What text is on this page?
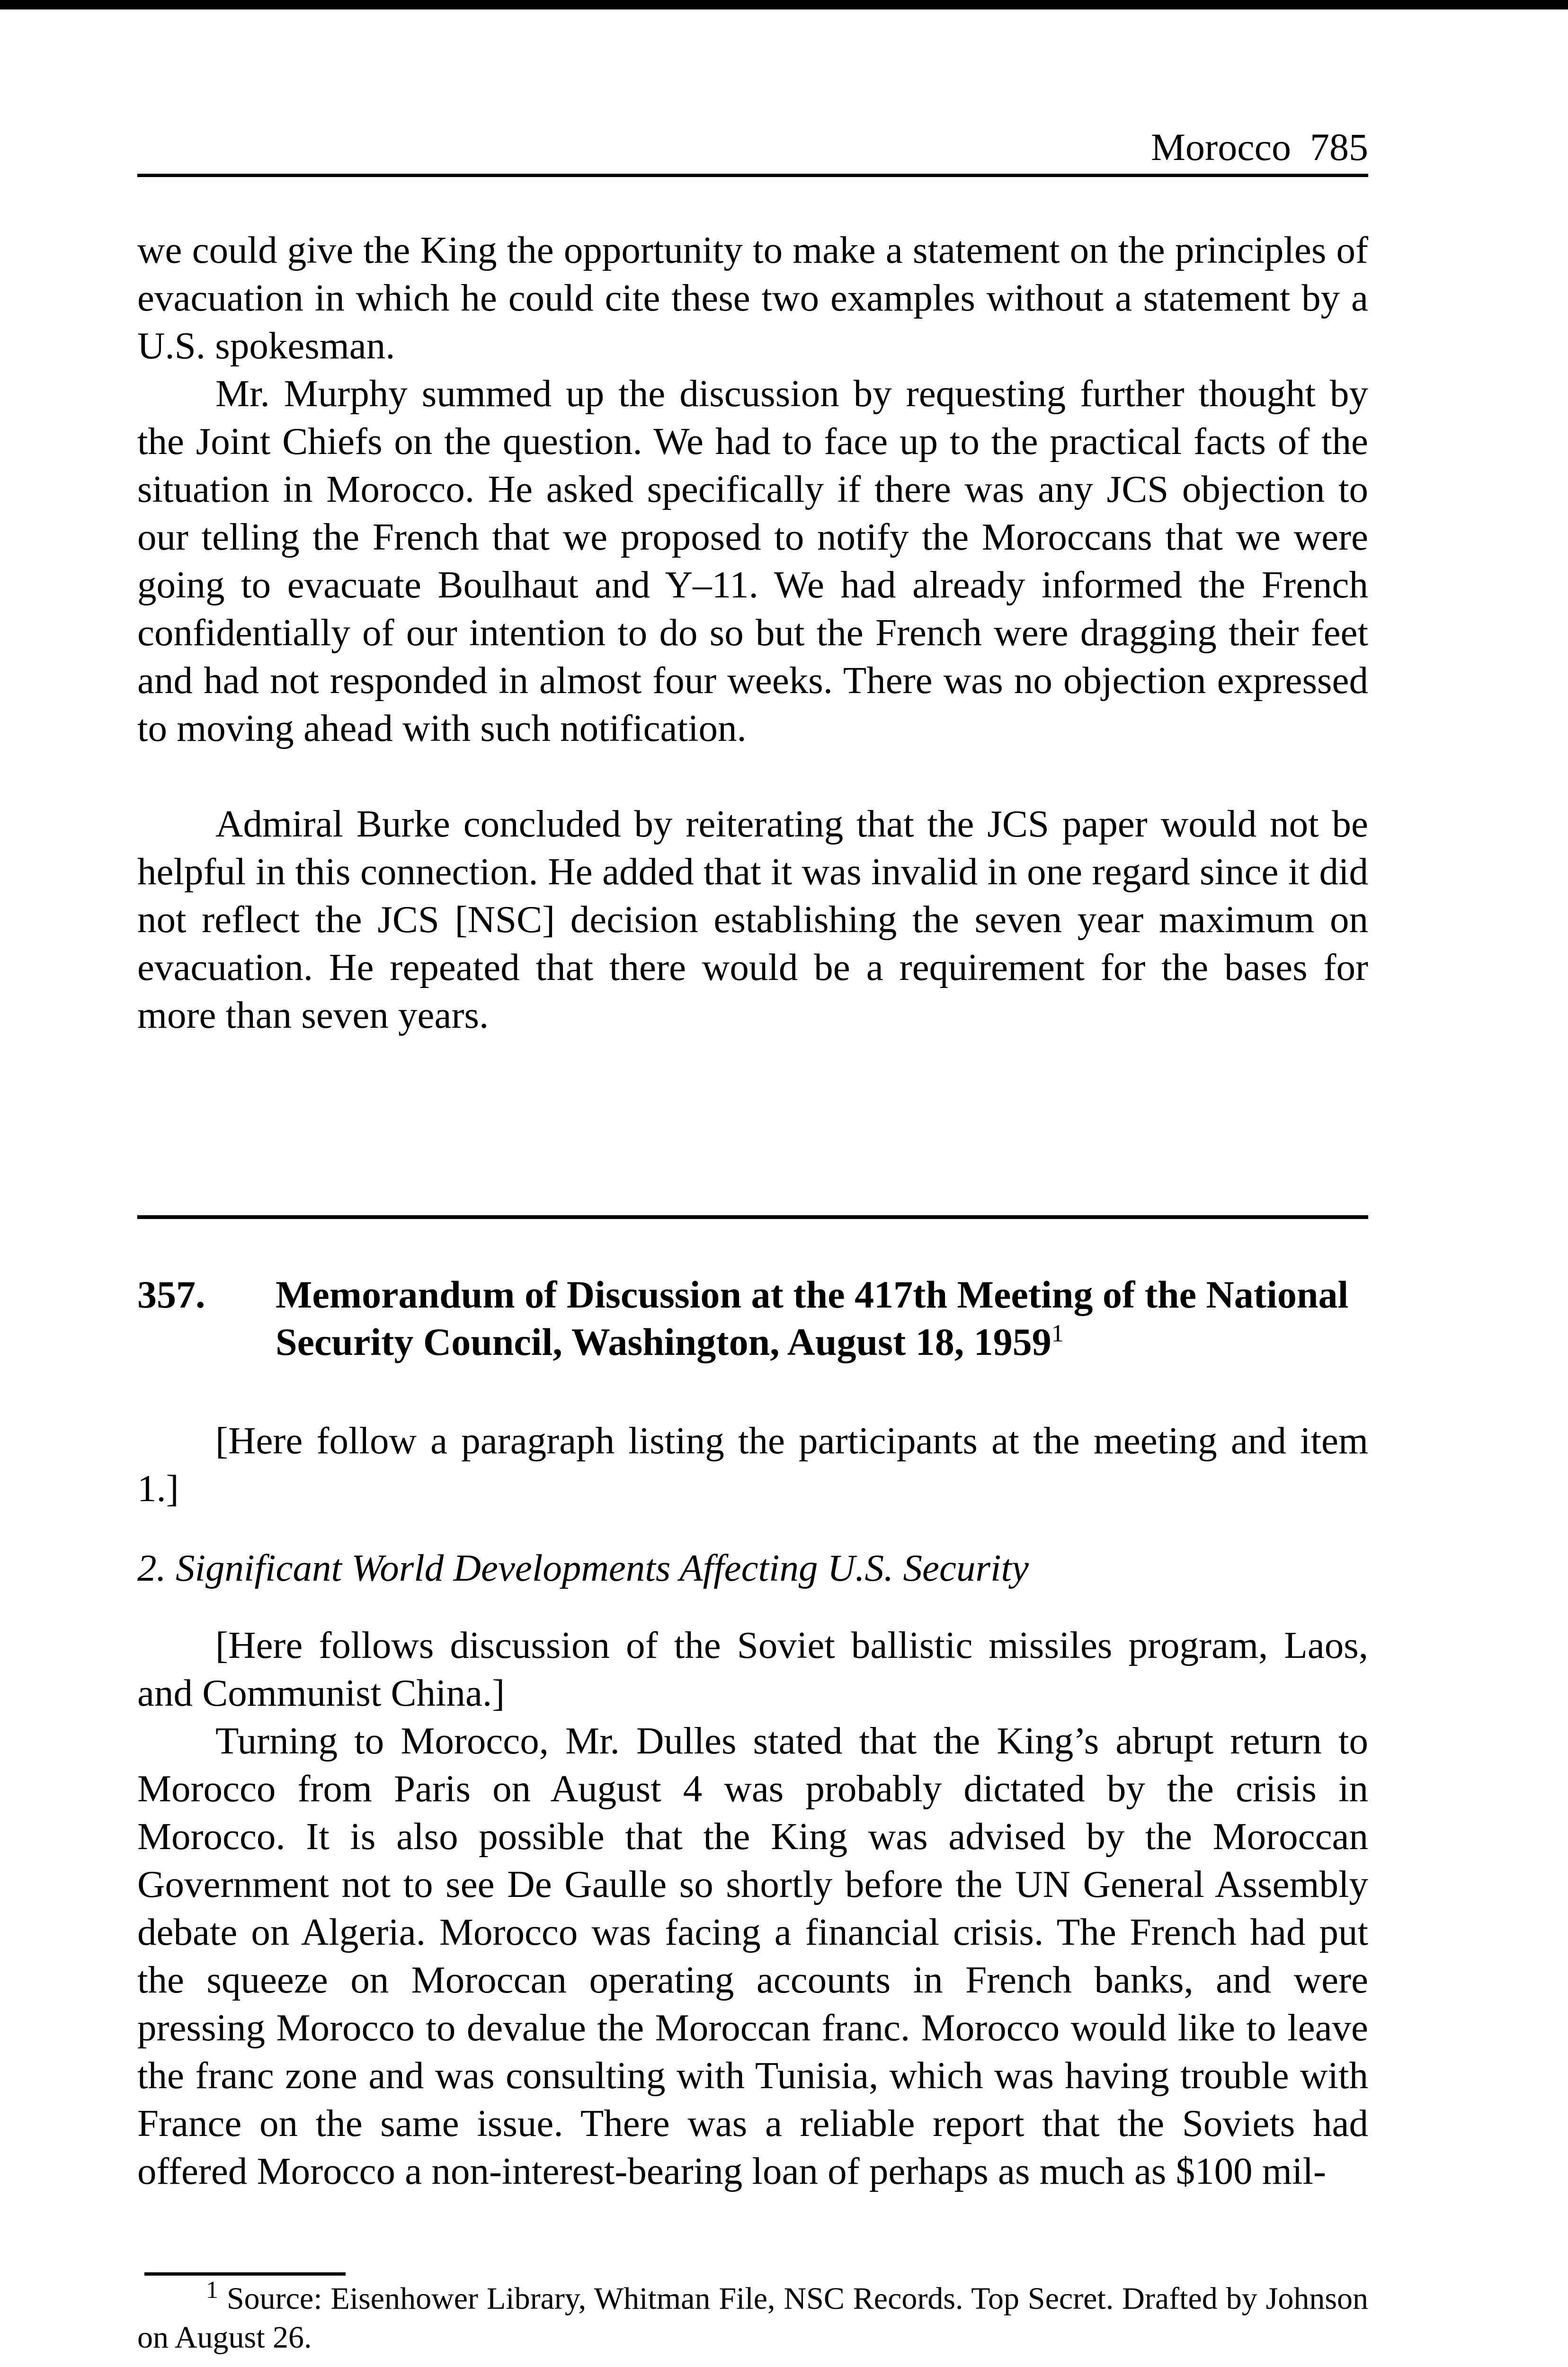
Morocco 785

we could give the King the opportunity to make a statement on the principles of evacuation in which he could cite these two examples without a statement by a U.S. spokesman.

Mr. Murphy summed up the discussion by requesting further thought by the Joint Chiefs on the question. We had to face up to the practical facts of the situation in Morocco. He asked specifically if there was any JCS objection to our telling the French that we proposed to notify the Moroccans that we were going to evacuate Boulhaut and Y–11. We had already informed the French confidentially of our intention to do so but the French were dragging their feet and had not responded in almost four weeks. There was no objection expressed to moving ahead with such notification.

Admiral Burke concluded by reiterating that the JCS paper would not be helpful in this connection. He added that it was invalid in one regard since it did not reflect the JCS [NSC] decision establishing the seven year maximum on evacuation. He repeated that there would be a requirement for the bases for more than seven years.

357.	Memorandum of Discussion at the 417th Meeting of the National Security Council, Washington, August 18, 1959$^1$

[Here follow a paragraph listing the participants at the meeting and item 1.]

2. Significant World Developments Affecting U.S. Security

[Here follows discussion of the Soviet ballistic missiles program, Laos, and Communist China.]

Turning to Morocco, Mr. Dulles stated that the King’s abrupt return to Morocco from Paris on August 4 was probably dictated by the crisis in Morocco. It is also possible that the King was advised by the Moroccan Government not to see De Gaulle so shortly before the UN General Assembly debate on Algeria. Morocco was facing a financial crisis. The French had put the squeeze on Moroccan operating accounts in French banks, and were pressing Morocco to devalue the Moroccan franc. Morocco would like to leave the franc zone and was consulting with Tunisia, which was having trouble with France on the same issue. There was a reliable report that the Soviets had offered Morocco a non-interest-bearing loan of perhaps as much as $100 mil-

$^1$ Source: Eisenhower Library, Whitman File, NSC Records. Top Secret. Drafted by Johnson on August 26.
